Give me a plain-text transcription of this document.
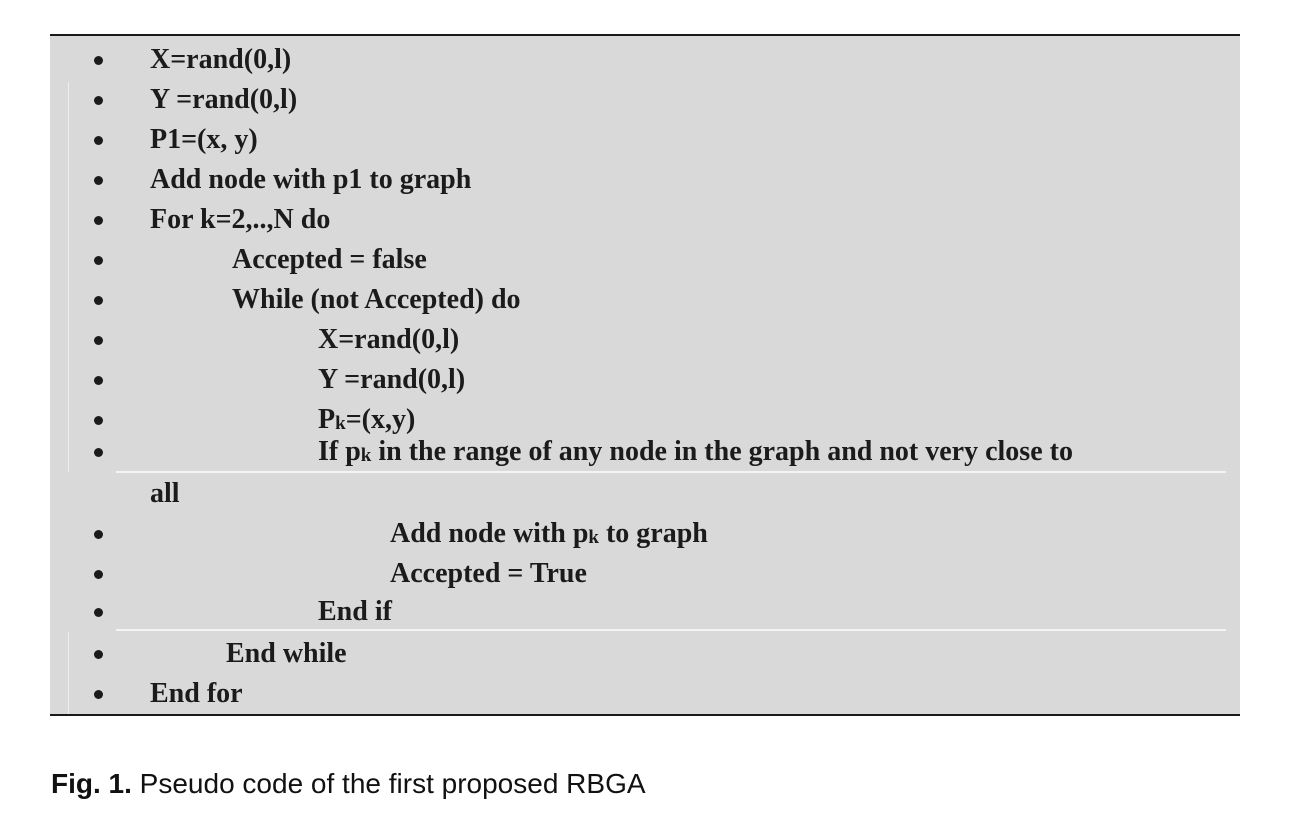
X=rand(0,l)
Y =rand(0,l)
P1=(x, y)
Add node with p1 to graph
For k=2,..,N do
Accepted = false
While (not Accepted) do
X=rand(0,l)
Y =rand(0,l)
Pk=(x,y)
If pk in the range of any node in the graph and not very close to
all
Add node with pk to graph
Accepted = True
End if
End while
End for
Fig. 1. Pseudo code of the first proposed RBGA
